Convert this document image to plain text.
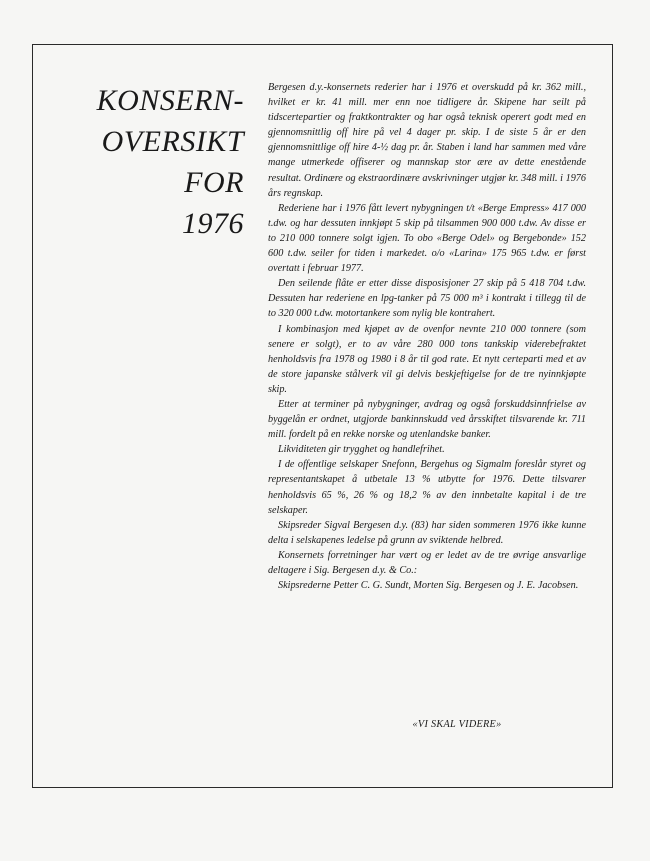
KONSERN-
OVERSIKT
FOR
1976

Bergesen d.y.-konsernets rederier har i 1976 et overskudd på kr. 362 mill., hvilket er kr. 41 mill. mer enn noe tidligere år. Skipene har seilt på tidscertepartier og fraktkontrakter og har også teknisk operert godt med en gjennomsnittlig off hire på vel 4 dager pr. skip. I de siste 5 år er den gjennomsnittlige off hire 4-½ dag pr. år. Staben i land har sammen med våre mange utmerkede offiserer og mannskap stor ære av dette enestående resultat. Ordinære og ekstraordinære avskrivninger utgjør kr. 348 mill. i 1976 års regnskap.

Rederiene har i 1976 fått levert nybygningen t/t «Berge Empress» 417 000 t.dw. og har dessuten innkjøpt 5 skip på tilsammen 900 000 t.dw. Av disse er to 210 000 tonnere solgt igjen. To obo «Berge Odel» og Bergebonde» 152 600 t.dw. seiler for tiden i markedet. o/o «Larina» 175 965 t.dw. er først overtatt i februar 1977.

Den seilende flåte er etter disse disposisjoner 27 skip på 5 418 704 t.dw. Dessuten har rederiene en lpg-tanker på 75 000 m³ i kontrakt i tillegg til de to 320 000 t.dw. motortankere som nylig ble kontrahert.

I kombinasjon med kjøpet av de ovenfor nevnte 210 000 tonnere (som senere er solgt), er to av våre 280 000 tons tankskip viderebefraktet henholdsvis fra 1978 og 1980 i 8 år til god rate. Et nytt certeparti med et av de store japanske stålverk vil gi delvis beskjeftigelse for de tre nyinnkjøpte skip.

Etter at terminer på nybygninger, avdrag og også forskuddsinnfrielse av byggelån er ordnet, utgjorde bankinnskudd ved årsskiftet tilsvarende kr. 711 mill. fordelt på en rekke norske og utenlandske banker.

Likviditeten gir trygghet og handlefrihet.

I de offentlige selskaper Snefonn, Bergehus og Sigmalm foreslår styret og representantskapet å utbetale 13 % utbytte for 1976. Dette tilsvarer henholdsvis 65 %, 26 % og 18,2 % av den innbetalte kapital i de tre selskaper.

Skipsreder Sigval Bergesen d.y. (83) har siden sommeren 1976 ikke kunne delta i selskapenes ledelse på grunn av sviktende helbred.

Konsernets forretninger har vært og er ledet av de tre øvrige ansvarlige deltagere i Sig. Bergesen d.y. & Co.:

Skipsrederne Petter C. G. Sundt, Morten Sig. Bergesen og J. E. Jacobsen.

«VI SKAL VIDERE»
